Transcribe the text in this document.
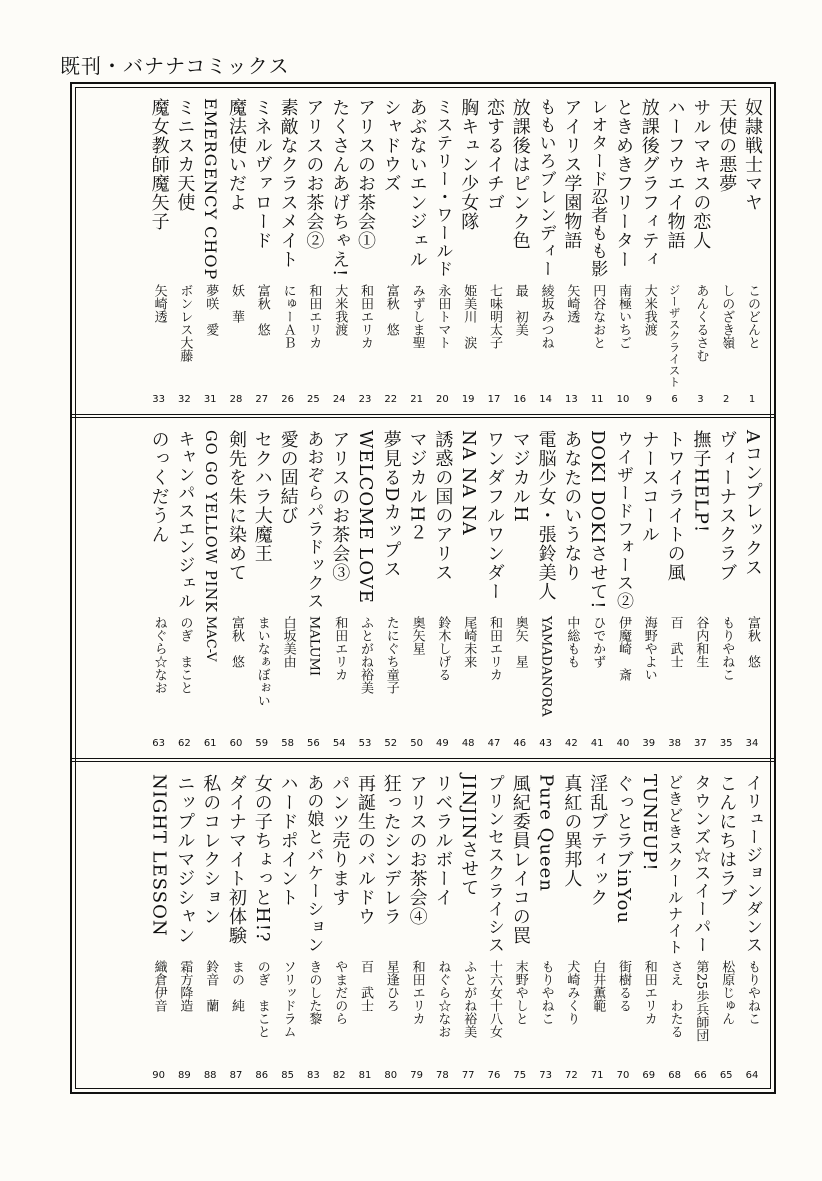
既刊・バナナコミックス
奴隷戦士マヤ
このどんと
1
天使の悪夢
しのざき嶺
2
サルマキスの恋人
あんくるさむ
3
ハーフウエイ物語
ジーザスクライスト
6
放課後グラフィティ
大米我渡
9
ときめきフリーター
南極いちご
10
レオタード忍者もも影
円谷なおと
11
アイリス学園物語
矢崎透
13
ももいろブレンディー
綾坂みつね
14
放課後はピンク色
最　初美
16
恋するイチゴ
七味明太子
17
胸キュン少女隊
姫美川　涙
19
ミステリー・ワールド
永田トマト
20
あぶないエンジェル
みずしま聖
21
シャドウズ
富秋　悠
22
アリスのお茶会①
和田エリカ
23
たくさんあげちゃえ!
大米我渡
24
アリスのお茶会②
和田エリカ
25
素敵なクラスメイト
にゅーＡＢ
26
ミネルヴァロード
富秋　悠
27
魔法使いだよ
妖　華
28
EMERGENCY CHOP
夢咲　愛
31
ミニスカ天使
ボンレス大藤
32
魔女教師魔矢子
矢崎透
33
Aコンプレックス
富秋　悠
34
ヴィーナスクラブ
もりやねこ
35
撫子HELP!
谷内和生
37
トワイライトの風
百　武士
38
ナースコール
海野やよい
39
ウイザードフォース②
伊魔崎　斎
40
DOKI DOKIさせて!
ひでかず
41
あなたのいうなり
中総もも
42
電脳少女・張鈴美人
YAMADANORA
43
マジカルH
奥矢　星
46
ワンダフルワンダー
和田エリカ
47
NA NA NA
尾崎未来
48
誘惑の国のアリス
鈴木しげる
49
マジカルH２
奥矢星
50
夢見るDカップス
たにぐち童子
52
WELCOME LOVE
ふとがね裕美
53
アリスのお茶会③
和田エリカ
54
あおぞらパラドックス
MALUMI
56
愛の固結び
白坂美由
58
セクハラ大魔王
まいなぁぼぉい
59
剣先を朱に染めて
富秋　悠
60
GO GO YELLOW PINK
MAC-V
61
キャンパスエンジェル
のぎ　まこと
62
のっくだうん
ねぐら☆なお
63
イリュージョンダンス
もりやねこ
64
こんにちはラブ
松原じゅん
65
タウンズ☆スイーパー
第25歩兵師団
66
どきどきスクールナイト
さえ　わたる
68
TUNEUP!
和田エリカ
69
ぐっとラブinYou
街樹るる
70
淫乱ブティック
白井薫範
71
真紅の異邦人
犬崎みくり
72
Pure Queen
もりやねこ
73
風紀委員レイコの罠
末野やしと
75
プリンセスクライシス
十六女十八女
76
JINJINさせて
ふとがね裕美
77
リベラルボーイ
ねぐら☆なお
78
アリスのお茶会④
和田エリカ
79
狂ったシンデレラ
星逢ひろ
80
再誕生のバルドウ
百　武士
81
パンツ売ります
やまだのら
82
あの娘とバケーション
きのした黎
83
ハードポイント
ソリッドラム
85
女の子ちょっとH!?
のぎ　まこと
86
ダイナマイト初体験
まの　純
87
私のコレクション
鈴音　蘭
88
ニップルマジシャン
霜方降造
89
NIGHT LESSON
織倉伊音
90
